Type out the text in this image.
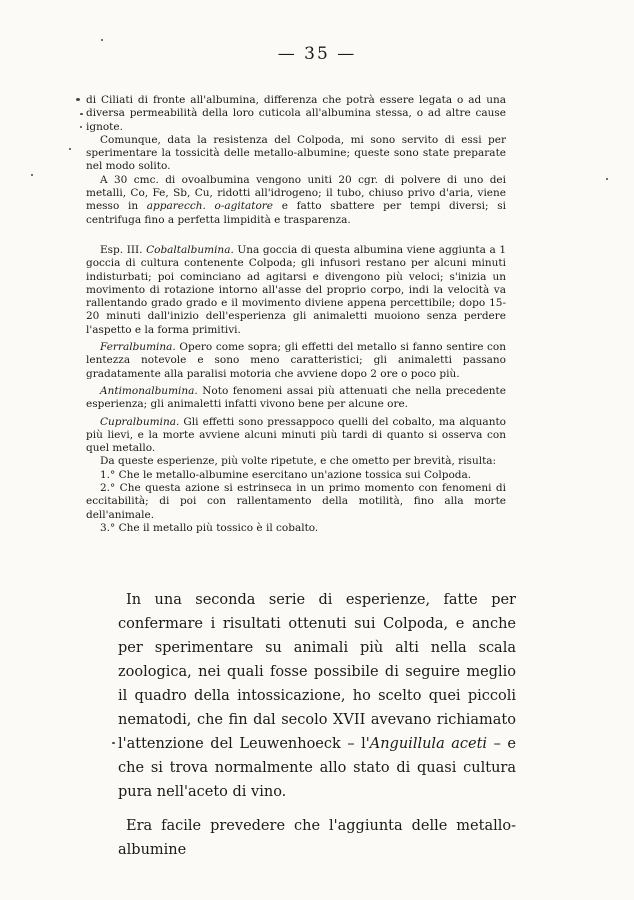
— 35 —

di Ciliati di fronte all'albumina, differenza che potrà essere legata o ad una diversa permeabilità della loro cuticola all'albumina stessa, o ad altre cause ignote.

Comunque, data la resistenza del Colpoda, mi sono servito di essi per sperimentare la tossicità delle metallo-albumine; queste sono state preparate nel modo solito.

A 30 cmc. di ovoalbumina vengono uniti 20 cgr. di polvere di uno dei metalli, Co, Fe, Sb, Cu, ridotti all'idrogeno; il tubo, chiuso privo d'aria, viene messo in apparecch. o-agitatore e fatto sbattere per tempi diversi; si centrifuga fino a perfetta limpidità e trasparenza.

Esp. III. Cobaltalbumina. Una goccia di questa albumina viene aggiunta a 1 goccia di cultura contenente Colpoda; gli infusori restano per alcuni minuti indisturbati; poi cominciano ad agitarsi e divengono più veloci; s'inizia un movimento di rotazione intorno all'asse del proprio corpo, indi la velocità va rallentando grado grado e il movimento diviene appena percettibile; dopo 15-20 minuti dall'inizio dell'esperienza gli animaletti muoiono senza perdere l'aspetto e la forma primitivi.

Ferralbumina. Opero come sopra; gli effetti del metallo si fanno sentire con lentezza notevole e sono meno caratteristici; gli animaletti passano gradatamente alla paralisi motoria che avviene dopo 2 ore o poco più.

Antimonalbumina. Noto fenomeni assai più attenuati che nella precedente esperienza; gli animaletti infatti vivono bene per alcune ore.

Cupralbumina. Gli effetti sono pressappoco quelli del cobalto, ma alquanto più lievi, e la morte avviene alcuni minuti più tardi di quanto si osserva con quel metallo.

Da queste esperienze, più volte ripetute, e che ometto per brevità, risulta:

1.° Che le metallo-albumine esercitano un'azione tossica sui Colpoda.

2.° Che questa azione si estrinseca in un primo momento con fenomeni di eccitabilità; di poi con rallentamento della motilità, fino alla morte dell'animale.

3.° Che il metallo più tossico è il cobalto.

In una seconda serie di esperienze, fatte per confermare i risultati ottenuti sui Colpoda, e anche per sperimentare su animali più alti nella scala zoologica, nei quali fosse possibile di seguire meglio il quadro della intossicazione, ho scelto quei piccoli nematodi, che fin dal secolo XVII avevano richiamato l'attenzione del Leuwenhoeck – l'Anguillula aceti – e che si trova normalmente allo stato di quasi cultura pura nell'aceto di vino.

Era facile prevedere che l'aggiunta delle metallo-albumine
